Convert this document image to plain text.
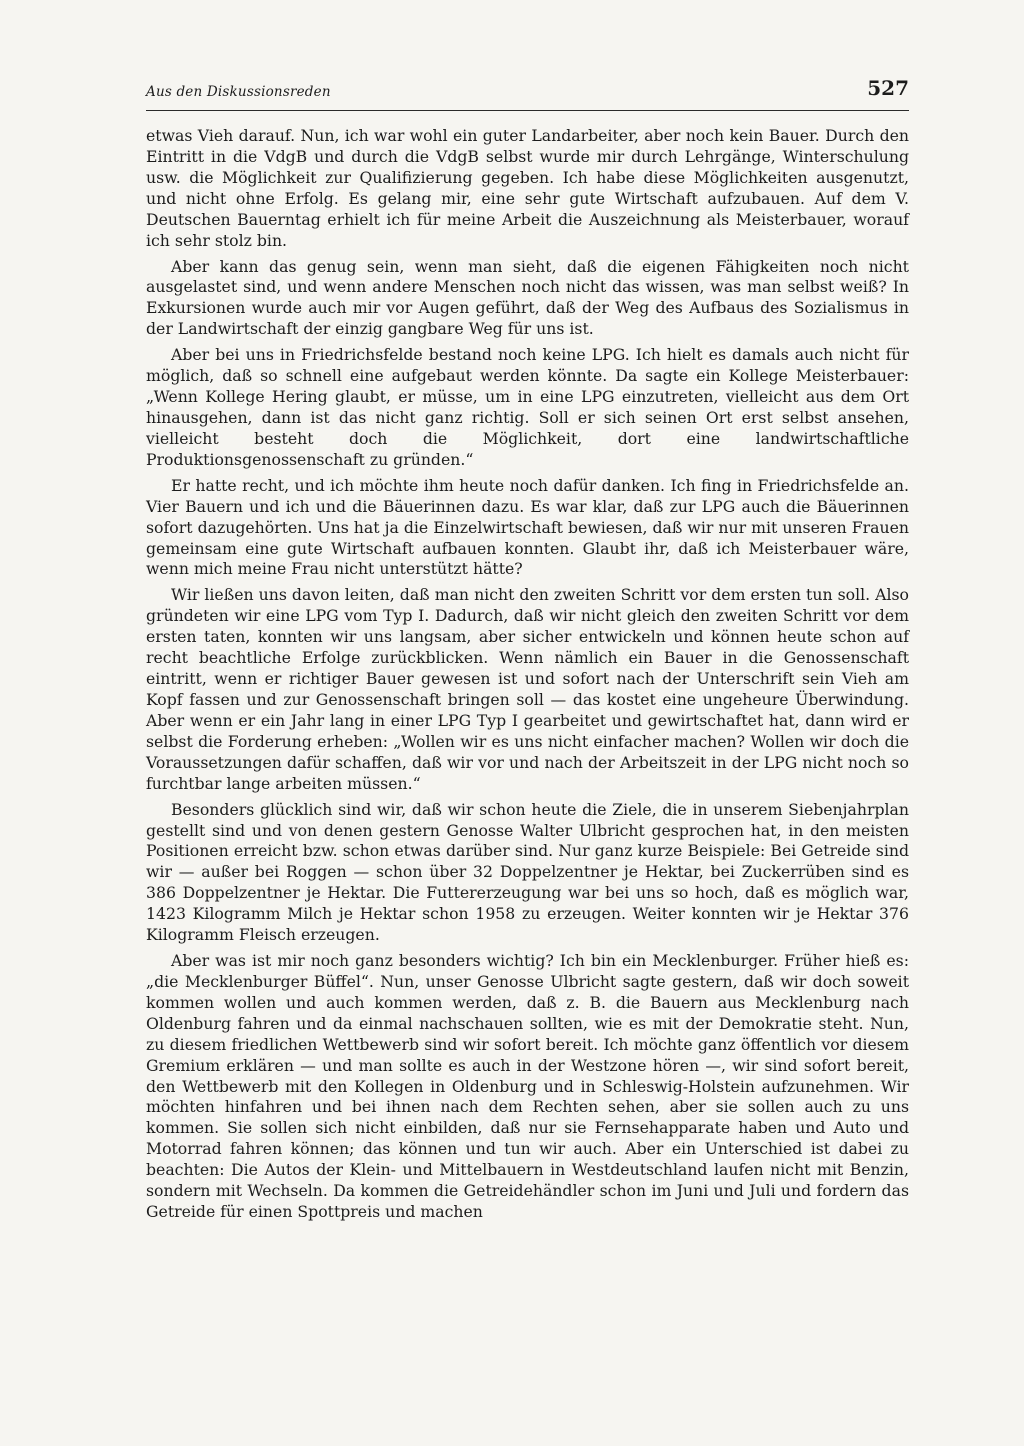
Aus den Diskussionsreden	527

etwas Vieh darauf. Nun, ich war wohl ein guter Landarbeiter, aber noch kein Bauer. Durch den Eintritt in die VdgB und durch die VdgB selbst wurde mir durch Lehrgänge, Winterschulung usw. die Möglichkeit zur Qualifizierung gegeben. Ich habe diese Möglichkeiten ausgenutzt, und nicht ohne Erfolg. Es gelang mir, eine sehr gute Wirtschaft aufzubauen. Auf dem V. Deutschen Bauerntag erhielt ich für meine Arbeit die Auszeichnung als Meisterbauer, worauf ich sehr stolz bin.

Aber kann das genug sein, wenn man sieht, daß die eigenen Fähigkeiten noch nicht ausgelastet sind, und wenn andere Menschen noch nicht das wissen, was man selbst weiß? In Exkursionen wurde auch mir vor Augen geführt, daß der Weg des Aufbaus des Sozialismus in der Landwirtschaft der einzig gangbare Weg für uns ist.

Aber bei uns in Friedrichsfelde bestand noch keine LPG. Ich hielt es damals auch nicht für möglich, daß so schnell eine aufgebaut werden könnte. Da sagte ein Kollege Meisterbauer: „Wenn Kollege Hering glaubt, er müsse, um in eine LPG einzutreten, vielleicht aus dem Ort hinausgehen, dann ist das nicht ganz richtig. Soll er sich seinen Ort erst selbst ansehen, vielleicht besteht doch die Möglichkeit, dort eine landwirtschaftliche Produktionsgenossenschaft zu gründen.“

Er hatte recht, und ich möchte ihm heute noch dafür danken. Ich fing in Friedrichsfelde an. Vier Bauern und ich und die Bäuerinnen dazu. Es war klar, daß zur LPG auch die Bäuerinnen sofort dazugehörten. Uns hat ja die Einzelwirtschaft bewiesen, daß wir nur mit unseren Frauen gemeinsam eine gute Wirtschaft aufbauen konnten. Glaubt ihr, daß ich Meisterbauer wäre, wenn mich meine Frau nicht unterstützt hätte?

Wir ließen uns davon leiten, daß man nicht den zweiten Schritt vor dem ersten tun soll. Also gründeten wir eine LPG vom Typ I. Dadurch, daß wir nicht gleich den zweiten Schritt vor dem ersten taten, konnten wir uns langsam, aber sicher entwickeln und können heute schon auf recht beachtliche Erfolge zurückblicken. Wenn nämlich ein Bauer in die Genossenschaft eintritt, wenn er richtiger Bauer gewesen ist und sofort nach der Unterschrift sein Vieh am Kopf fassen und zur Genossenschaft bringen soll — das kostet eine ungeheure Überwindung. Aber wenn er ein Jahr lang in einer LPG Typ I gearbeitet und gewirtschaftet hat, dann wird er selbst die Forderung erheben: „Wollen wir es uns nicht einfacher machen? Wollen wir doch die Voraussetzungen dafür schaffen, daß wir vor und nach der Arbeitszeit in der LPG nicht noch so furchtbar lange arbeiten müssen.“

Besonders glücklich sind wir, daß wir schon heute die Ziele, die in unserem Siebenjahrplan gestellt sind und von denen gestern Genosse Walter Ulbricht gesprochen hat, in den meisten Positionen erreicht bzw. schon etwas darüber sind. Nur ganz kurze Beispiele: Bei Getreide sind wir — außer bei Roggen — schon über 32 Doppelzentner je Hektar, bei Zuckerrüben sind es 386 Doppelzentner je Hektar. Die Futtererzeugung war bei uns so hoch, daß es möglich war, 1423 Kilogramm Milch je Hektar schon 1958 zu erzeugen. Weiter konnten wir je Hektar 376 Kilogramm Fleisch erzeugen.

Aber was ist mir noch ganz besonders wichtig? Ich bin ein Mecklenburger. Früher hieß es: „die Mecklenburger Büffel“. Nun, unser Genosse Ulbricht sagte gestern, daß wir doch soweit kommen wollen und auch kommen werden, daß z. B. die Bauern aus Mecklenburg nach Oldenburg fahren und da einmal nachschauen sollten, wie es mit der Demokratie steht. Nun, zu diesem friedlichen Wettbewerb sind wir sofort bereit. Ich möchte ganz öffentlich vor diesem Gremium erklären — und man sollte es auch in der Westzone hören —, wir sind sofort bereit, den Wettbewerb mit den Kollegen in Oldenburg und in Schleswig-Holstein aufzunehmen. Wir möchten hinfahren und bei ihnen nach dem Rechten sehen, aber sie sollen auch zu uns kommen. Sie sollen sich nicht einbilden, daß nur sie Fernsehapparate haben und Auto und Motorrad fahren können; das können und tun wir auch. Aber ein Unterschied ist dabei zu beachten: Die Autos der Klein- und Mittelbauern in Westdeutschland laufen nicht mit Benzin, sondern mit Wechseln. Da kommen die Getreidehändler schon im Juni und Juli und fordern das Getreide für einen Spottpreis und machen
